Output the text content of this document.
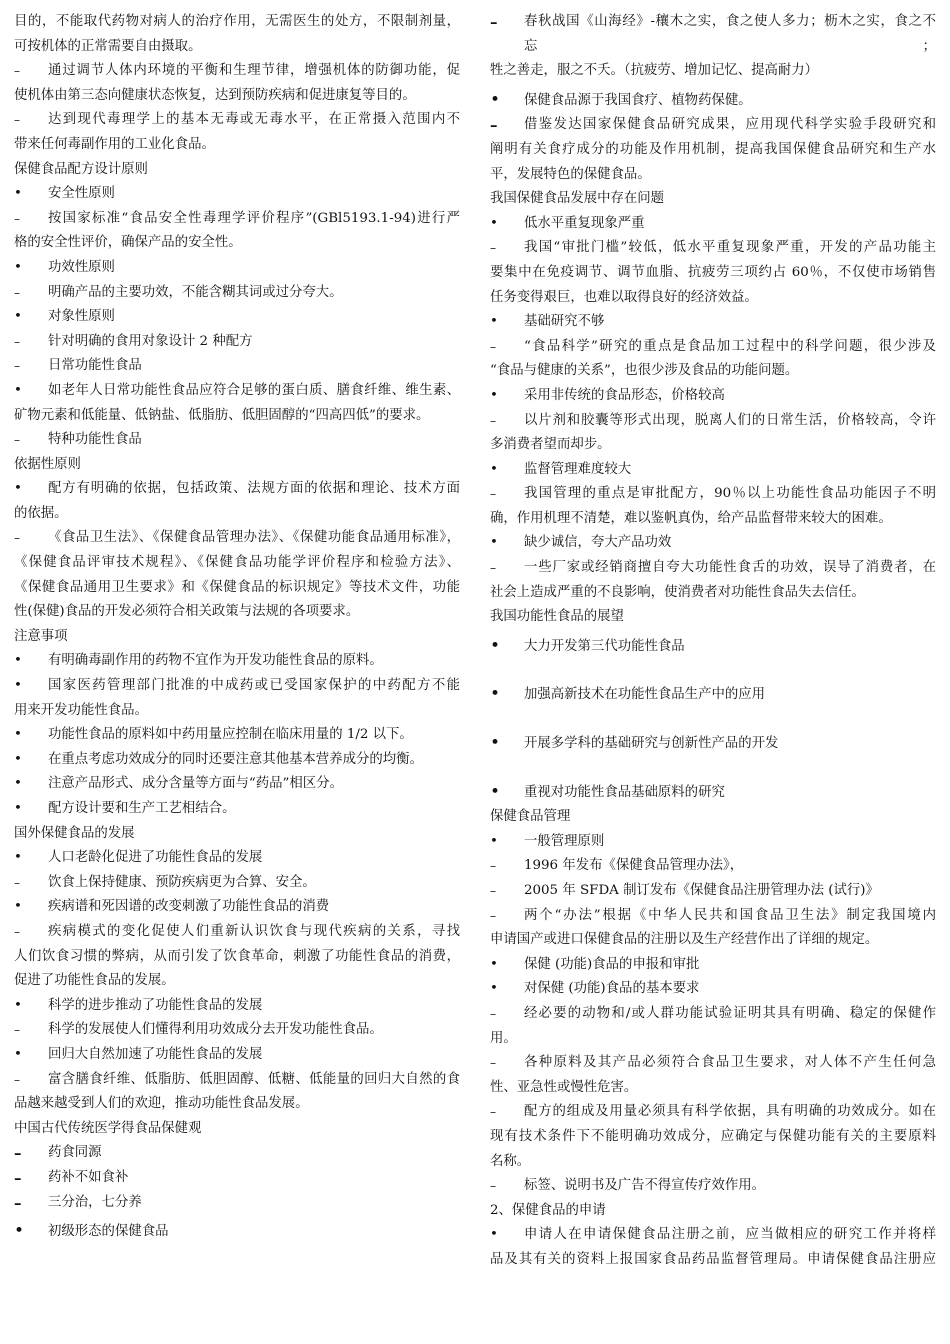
目的，不能取代药物对病人的治疗作用，无需医生的处方，不限制剂量，
可按机体的正常需要自由摄取。
–	通过调节人体内环境的平衡和生理节律，增强机体的防御功能，促
使机体由第三态向健康状态恢复，达到预防疾病和促进康复等目的。
–	达到现代毒理学上的基本无毒或无毒水平，在正常摄入范围内不
带来任何毒副作用的工业化食品。
保健食品配方设计原则
•	安全性原则
–	按国家标准“食品安全性毒理学评价程序”(GBl5193.1-94)进行严
格的安全性评价，确保产品的安全性。
•	功效性原则
–	明确产品的主要功效，不能含糊其词或过分夸大。
•	对象性原则
–	针对明确的食用对象设计 2 种配方
–	日常功能性食品
•	如老年人日常功能性食品应符合足够的蛋白质、膳食纤维、维生素、
矿物元素和低能量、低钠盐、低脂肪、低胆固醇的“四高四低”的要求。
–	特种功能性食品
依据性原则
•	配方有明确的依据，包括政策、法规方面的依据和理论、技术方面
的依据。
–	《食品卫生法》、《保健食品管理办法》、《保健功能食品通用标准》，
《保健食品评审技术规程》、《保健食品功能学评价程序和检验方法》、
《保健食品通用卫生要求》和《保健食品的标识规定》等技术文件，功能
性(保健)食品的开发必须符合相关政策与法规的各项要求。
注意事项
•	有明确毒副作用的药物不宜作为开发功能性食品的原料。
•	国家医药管理部门批准的中成药或已受国家保护的中药配方不能
用来开发功能性食品。
•	功能性食品的原料如中药用量应控制在临床用量的 1/2 以下。
•	在重点考虑功效成分的同时还要注意其他基本营养成分的均衡。
•	注意产品形式、成分含量等方面与“药品”相区分。
•	配方设计要和生产工艺相结合。
国外保健食品的发展
•	人口老龄化促进了功能性食品的发展
–	饮食上保持健康、预防疾病更为合算、安全。
•	疾病谱和死因谱的改变刺激了功能性食品的消费
–	疾病模式的变化促使人们重新认识饮食与现代疾病的关系，寻找
人们饮食习惯的弊病，从而引发了饮食革命，刺激了功能性食品的消费，
促进了功能性食品的发展。
•	科学的进步推动了功能性食品的发展
–	科学的发展使人们懂得利用功效成分去开发功能性食品。
•	回归大自然加速了功能性食品的发展
–	富含膳食纤维、低脂肪、低胆固醇、低糖、低能量的回归大自然的食
品越来越受到人们的欢迎，推动功能性食品发展。
中国古代传统医学得食品保健观
–	药食同源
–	药补不如食补
–	三分治，七分养
•	初级形态的保健食品
–	春秋战国《山海经》-穰木之实，食之使人多力；枥木之实，食之不忘；
牲之善走，服之不夭。（抗疲劳、增加记忆、提高耐力）
•	保健食品源于我国食疗、植物药保健。
–	借鉴发达国家保健食品研究成果，应用现代科学实验手段研究和
阐明有关食疗成分的功能及作用机制，提高我国保健食品研究和生产水
平，发展特色的保健食品。
我国保健食品发展中存在问题
•	低水平重复现象严重
–	我国“审批门槛”较低，低水平重复现象严重，开发的产品功能主
要集中在免疫调节、调节血脂、抗疲劳三项约占 60％，不仅使市场销售
任务变得艰巨，也难以取得良好的经济效益。
•	基础研究不够
–	“食品科学”研究的重点是食品加工过程中的科学问题，很少涉及
“食品与健康的关系”，也很少涉及食品的功能问题。
•	采用非传统的食品形态，价格较高
–	以片剂和胶囊等形式出现，脱离人们的日常生活，价格较高，令许
多消费者望而却步。
•	监督管理难度较大
–	我国管理的重点是审批配方，90％以上功能性食品功能因子不明
确，作用机理不清楚，难以鉴帆真伪，给产品监督带来较大的困难。
•	缺少诚信，夸大产品功效
–	一些厂家或经销商擅自夸大功能性食舌的功效，误导了消费者，在
社会上造成严重的不良影响，使消费者对功能性食品失去信任。
我国功能性食品的展望
•	大力开发第三代功能性食品
•	加强高新技术在功能性食品生产中的应用
•	开展多学科的基础研究与创新性产品的开发
•	重视对功能性食品基础原料的研究
保健食品管理
•	一般管理原则
–	1996 年发布《保健食品管理办法》，
–	2005 年 SFDA 制订发布《保健食品注册管理办法 (试行)》
–	两个“办法”根据《中华人民共和国食品卫生法》制定我国境内
申请国产或进口保健食品的注册以及生产经营作出了详细的规定。
•	保健 (功能)食品的申报和审批
•	对保健 (功能)食品的基本要求
–	经必要的动物和/或人群功能试验证明其具有明确、稳定的保健作
用。
–	各种原料及其产品必须符合食品卫生要求，对人体不产生任何急
性、亚急性或慢性危害。
–	配方的组成及用量必须具有科学依据，具有明确的功效成分。如在
现有技术条件下不能明确功效成分，应确定与保健功能有关的主要原料
名称。
–	标签、说明书及广告不得宣传疗效作用。
2、保健食品的申请
•	申请人在申请保健食品注册之前，应当做相应的研究工作并将样
品及其有关的资料上报国家食品药品监督管理局。申请保健食品注册应
